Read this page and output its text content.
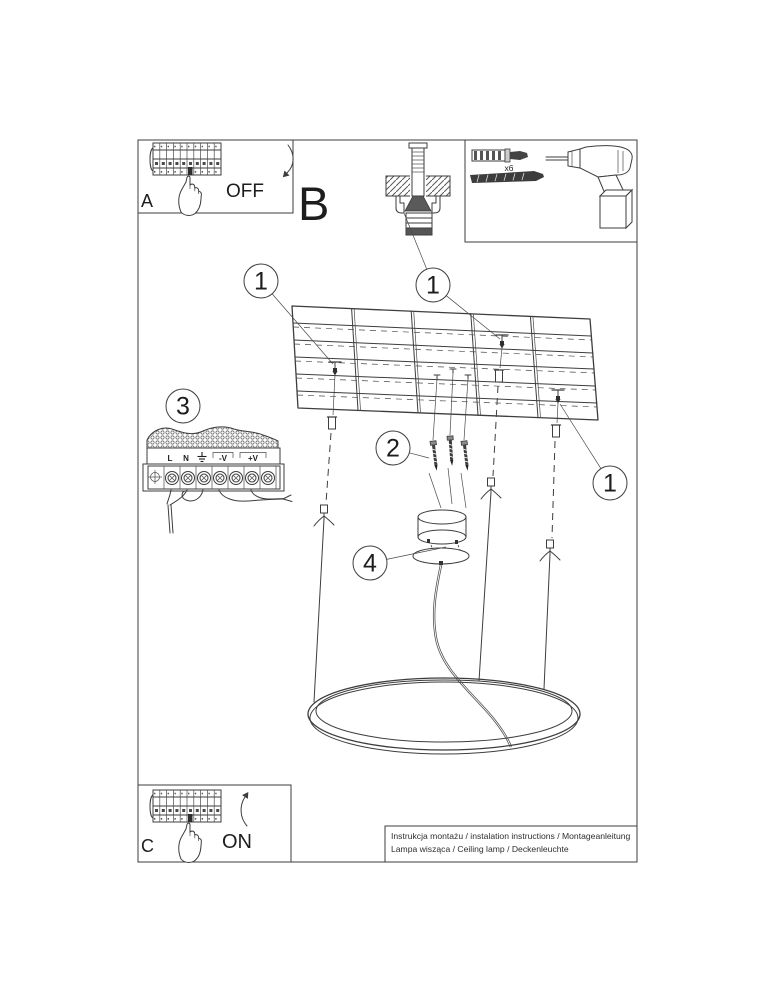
A	OFF B
x6
1	1
1
2
3
4
L N	-V	+V
C	ON	Instrukcja montażu / instalation instructions / Montageanleitung
Lampa wisząca / Ceiling lamp / Deckenleuchte
